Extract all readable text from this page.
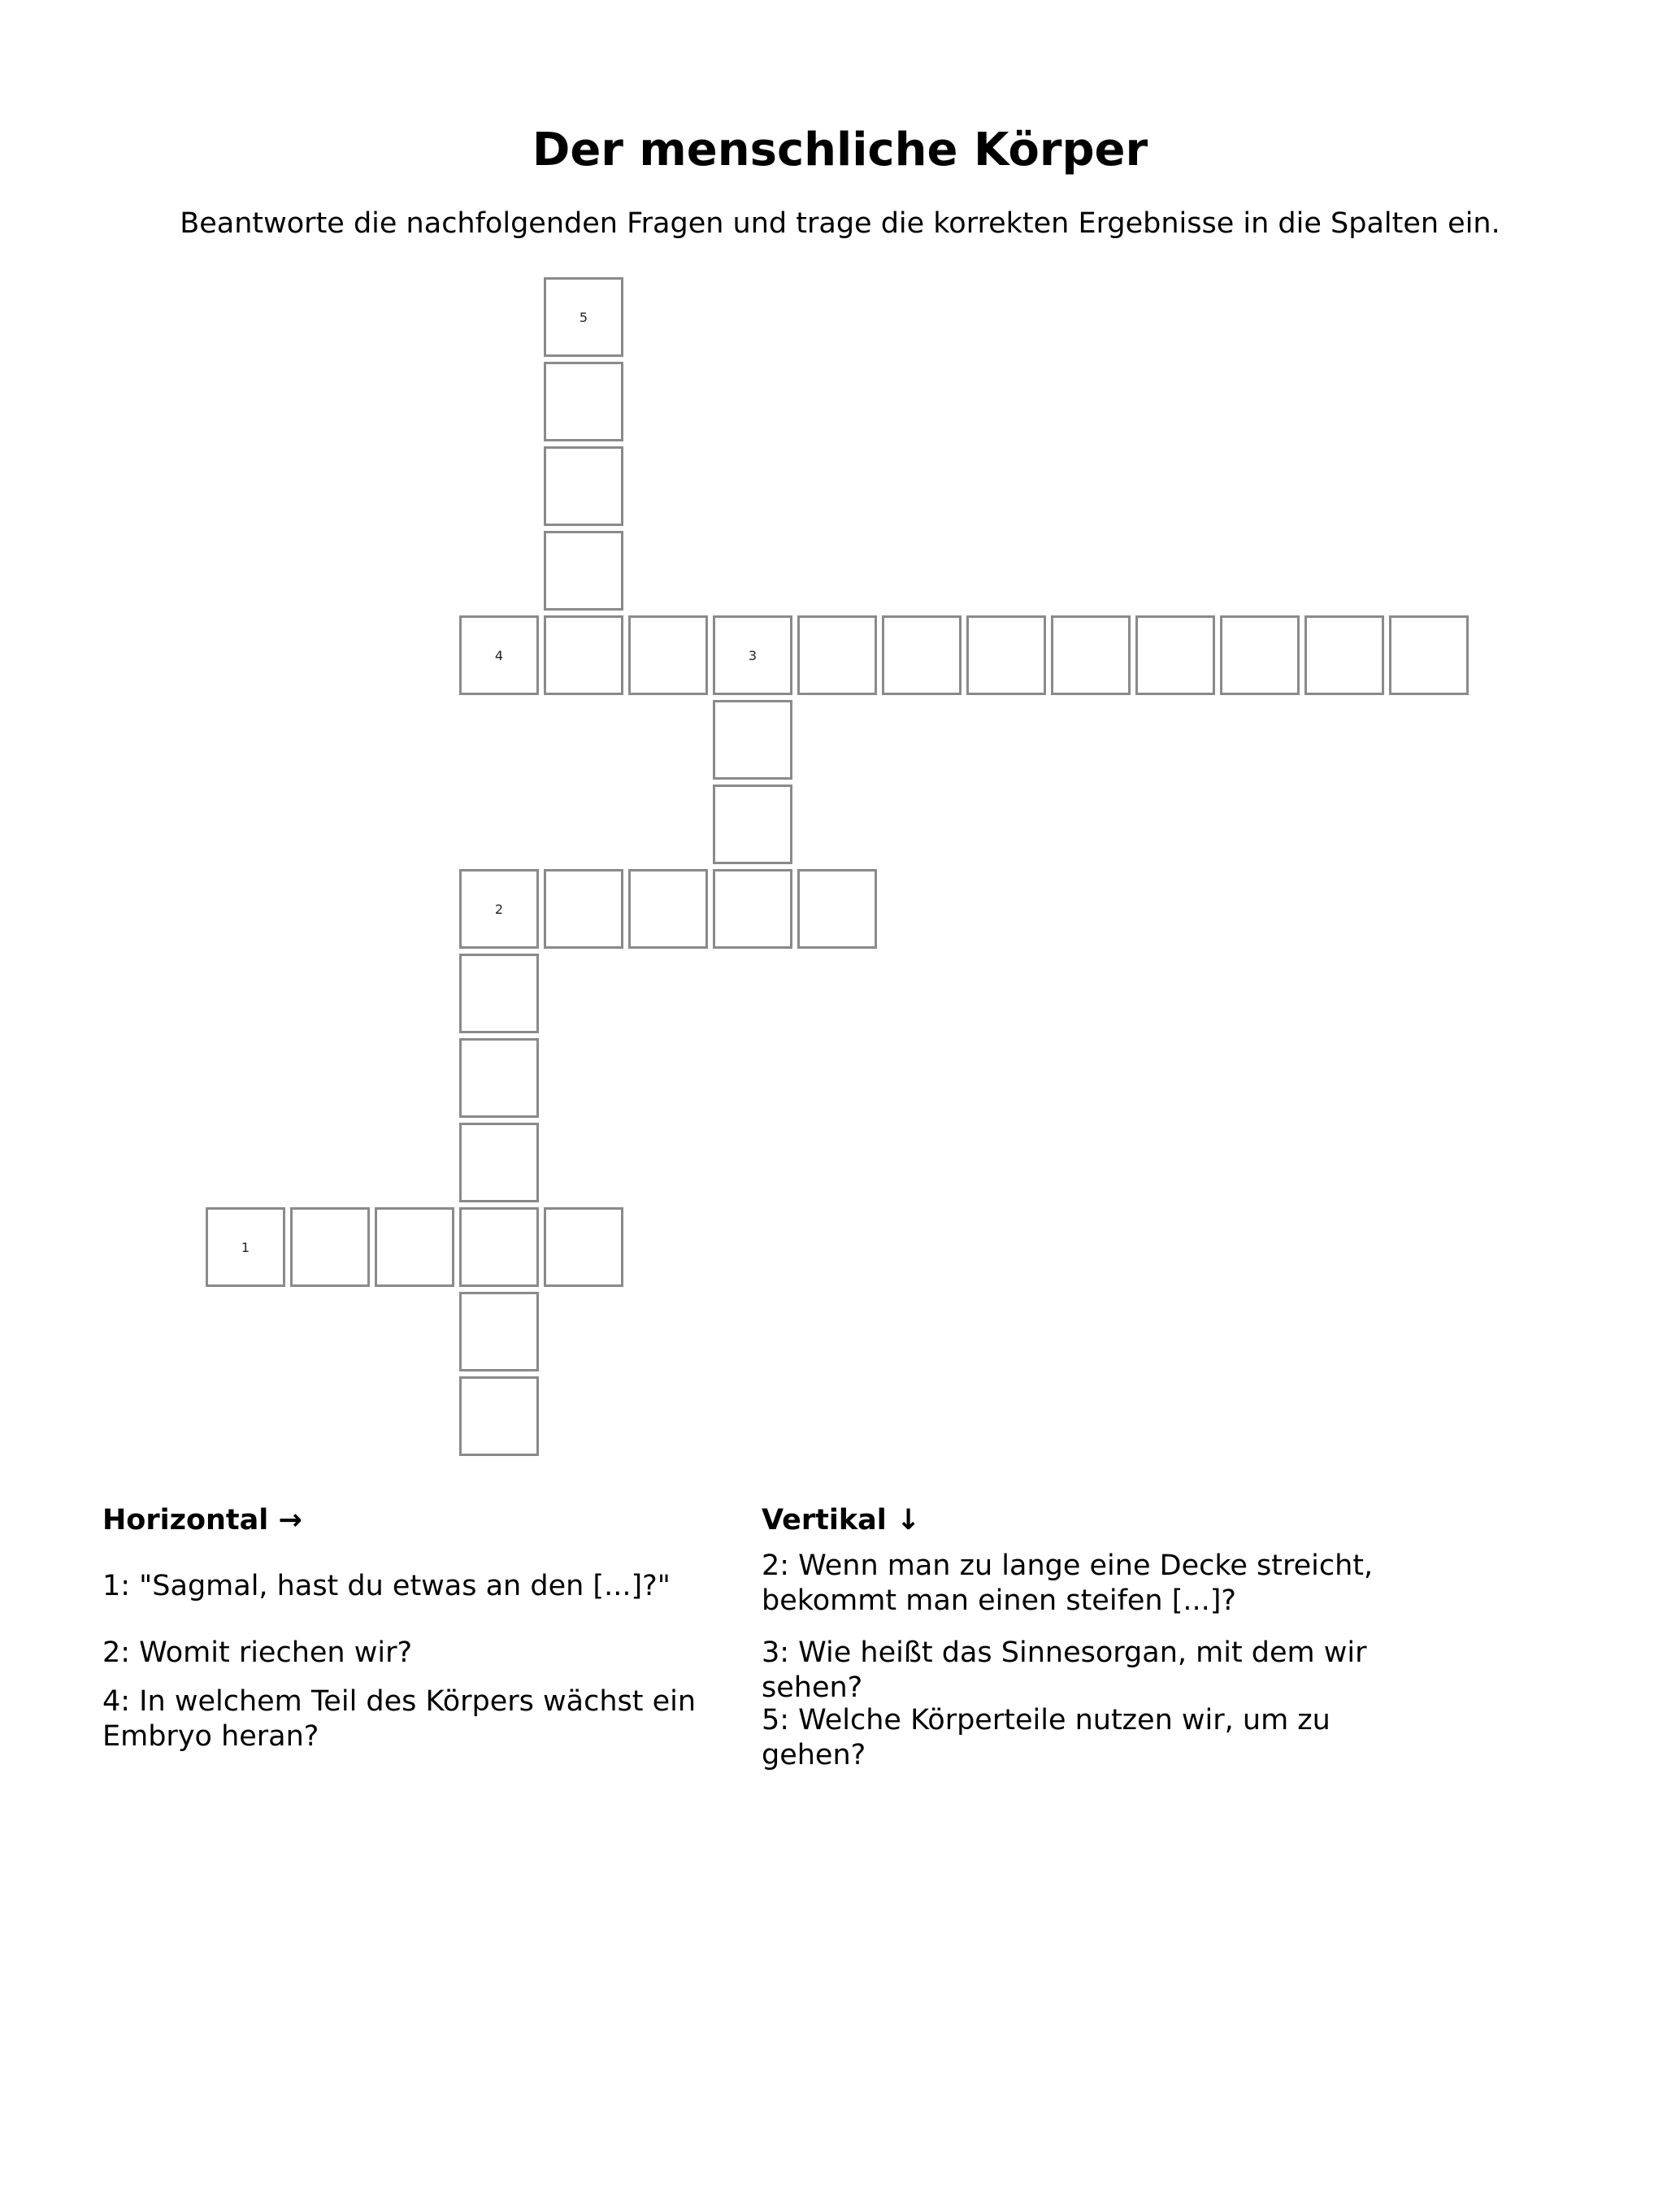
Der menschliche Körper
Beantworte die nachfolgenden Fragen und trage die korrekten Ergebnisse in die Spalten ein.
1
2
4	3
5
Horizontal →
1: "Sagmal, hast du etwas an den [...]?"
2: Womit riechen wir?
4: In welchem Teil des Körpers wächst ein Embryo heran?
Vertikal ↓
2: Wenn man zu lange eine Decke streicht, bekommt man einen steifen [...]?
3: Wie heißt das Sinnesorgan, mit dem wir sehen?
5: Welche Körperteile nutzen wir, um zu gehen?
